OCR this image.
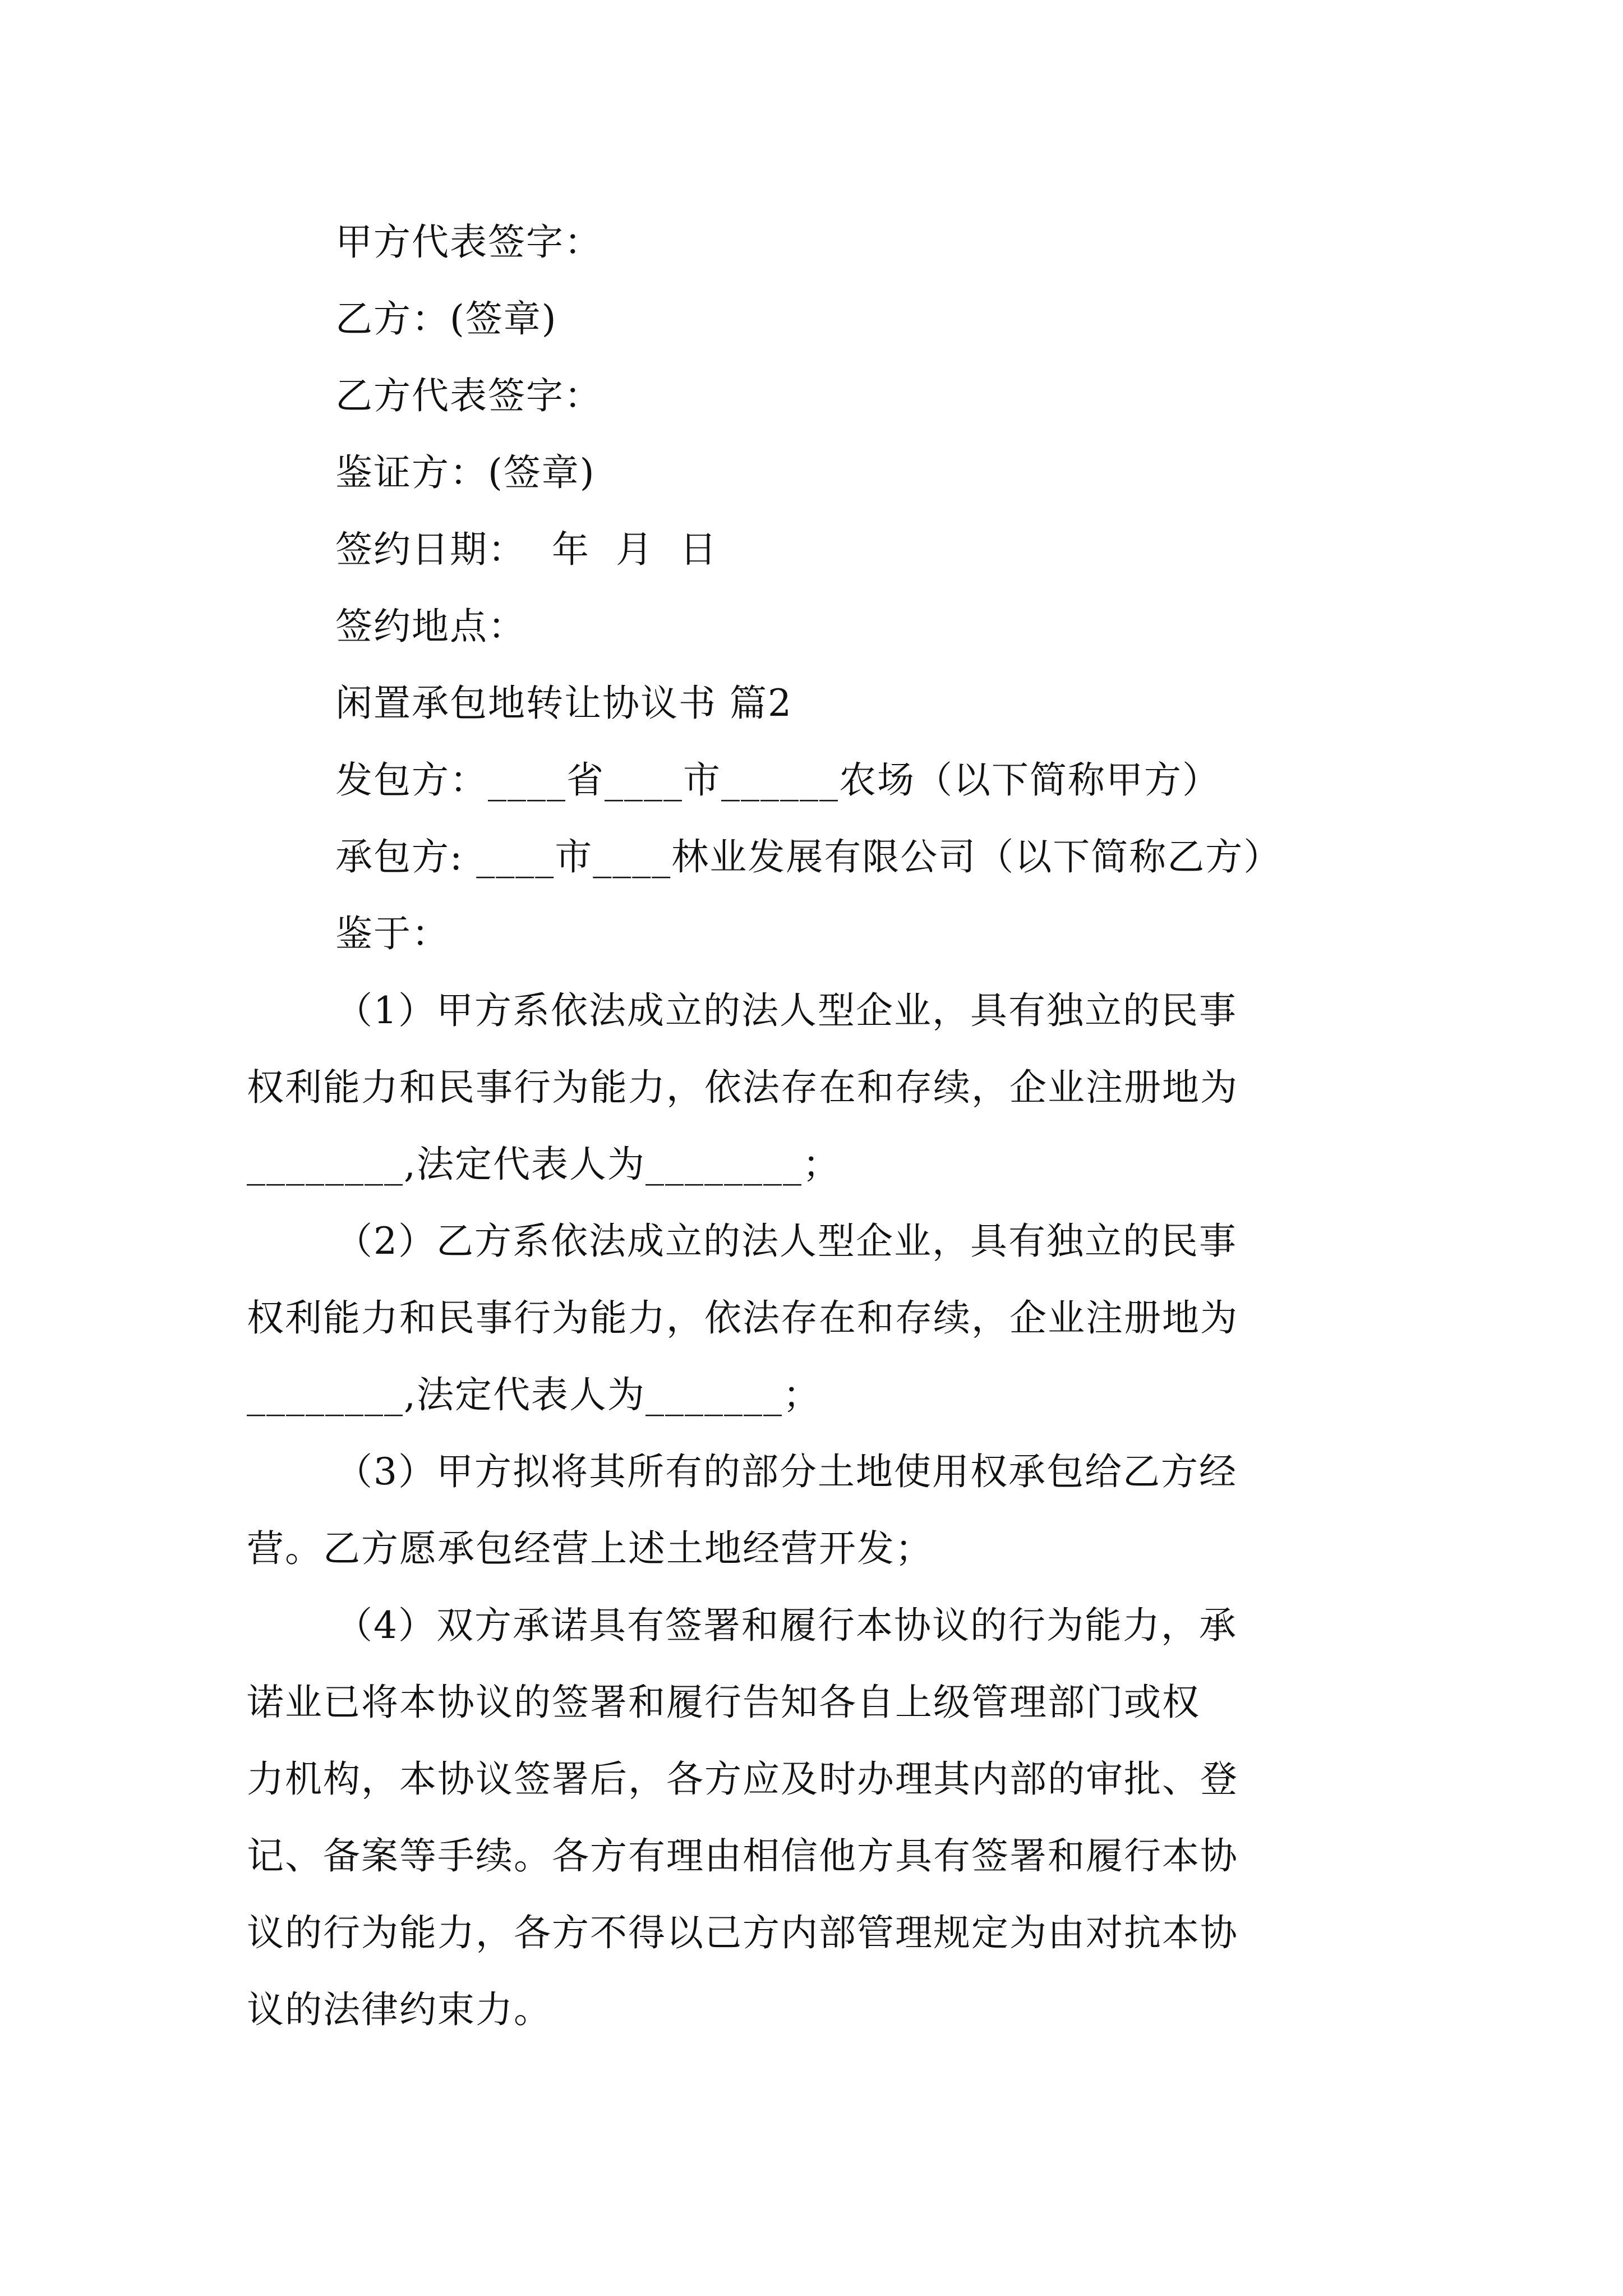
甲方代表签字：
乙方：(签章)
乙方代表签字：
鉴证方：(签章)
签约日期：  年  月  日
签约地点：
闲置承包地转让协议书 篇2
发包方：____省____市______农场（以下简称甲方）
承包方: ____市____林业发展有限公司（以下简称乙方）
鉴于：
（1）甲方系依法成立的法人型企业，具有独立的民事
权利能力和民事行为能力，依法存在和存续，企业注册地为
________,法定代表人为________；
（2）乙方系依法成立的法人型企业，具有独立的民事
权利能力和民事行为能力，依法存在和存续，企业注册地为
________,法定代表人为_______；
（3）甲方拟将其所有的部分土地使用权承包给乙方经
营。乙方愿承包经营上述土地经营开发；
（4）双方承诺具有签署和履行本协议的行为能力，承
诺业已将本协议的签署和履行告知各自上级管理部门或权
力机构，本协议签署后，各方应及时办理其内部的审批、登
记、备案等手续。各方有理由相信他方具有签署和履行本协
议的行为能力，各方不得以己方内部管理规定为由对抗本协
议的法律约束力。
